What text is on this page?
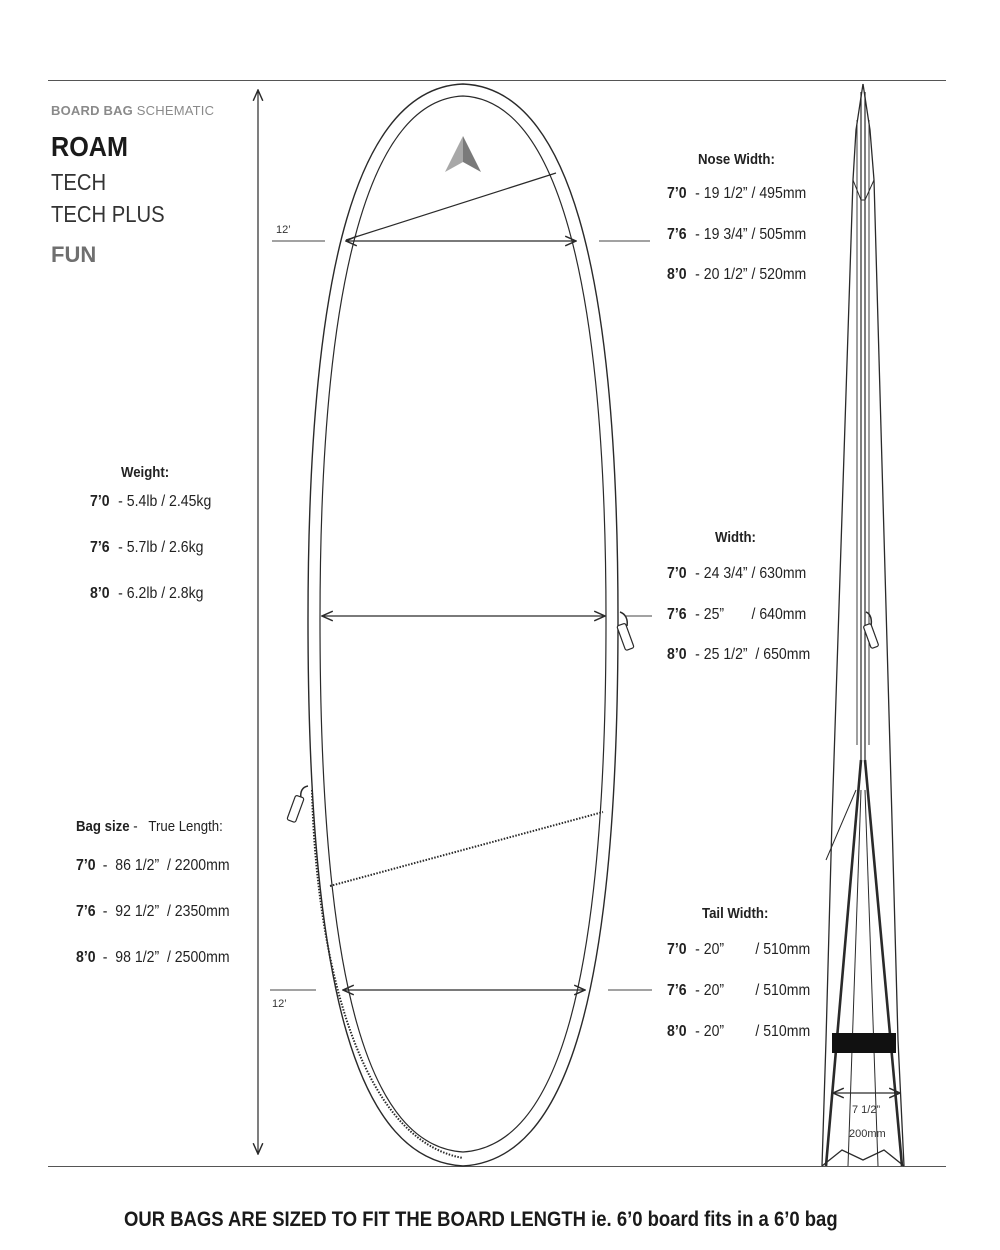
BOARD BAG SCHEMATIC
ROAM
TECH
TECH PLUS
FUN
Nose Width:
7’0 - 19 1/2” / 495mm
7’6 - 19 3/4” / 505mm
8’0 - 20 1/2” / 520mm
Weight:
7’0 - 5.4lb / 2.45kg
7’6 - 5.7lb / 2.6kg
8’0 - 6.2lb / 2.8kg
Width:
7’0 - 24 3/4” / 630mm
7’6 - 25”       / 640mm
8’0 - 25 1/2”  / 650mm
Bag size -   True Length:
7’0 -  86 1/2”  / 2200mm
7’6 -  92 1/2”  / 2350mm
8’0 -  98 1/2”  / 2500mm
Tail Width:
7’0 - 20”        / 510mm
7’6 - 20”        / 510mm
8’0 - 20”        / 510mm
12’
12’
7 1/2”
200mm
OUR BAGS ARE SIZED TO FIT THE BOARD LENGTH ie. 6’0 board fits in a 6’0 bag
